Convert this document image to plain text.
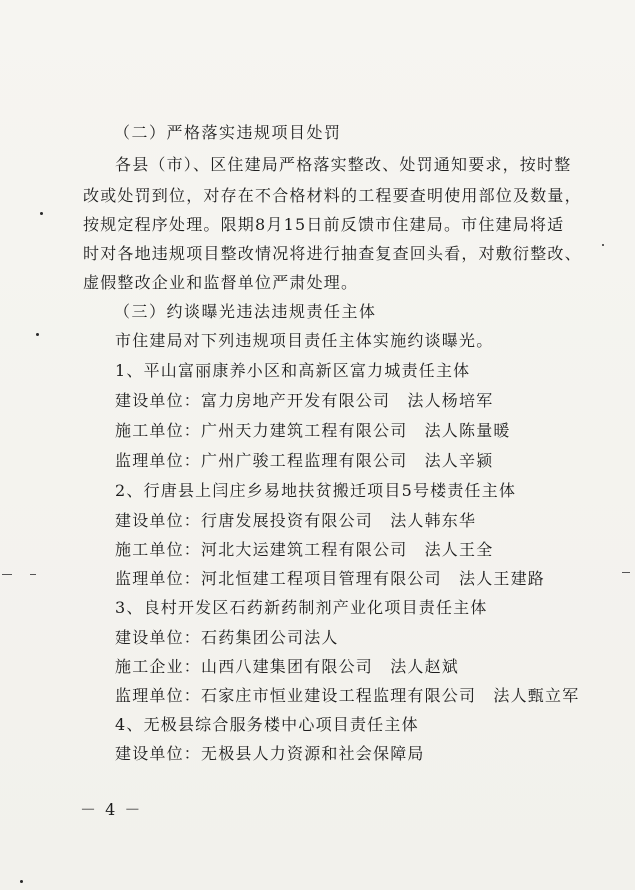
（二）严格落实违规项目处罚
各县（市）、区住建局严格落实整改、处罚通知要求，按时整
改或处罚到位，对存在不合格材料的工程要查明使用部位及数量，
按规定程序处理。限期8月15日前反馈市住建局。市住建局将适
时对各地违规项目整改情况将进行抽查复查回头看，对敷衍整改、
虚假整改企业和监督单位严肃处理。
（三）约谈曝光违法违规责任主体
市住建局对下列违规项目责任主体实施约谈曝光。
1、平山富丽康养小区和高新区富力城责任主体
建设单位：富力房地产开发有限公司　法人杨培军
施工单位：广州天力建筑工程有限公司　法人陈量暖
监理单位：广州广骏工程监理有限公司　法人辛颍
2、行唐县上闫庄乡易地扶贫搬迁项目5号楼责任主体
建设单位：行唐发展投资有限公司　法人韩东华
施工单位：河北大运建筑工程有限公司　法人王全
监理单位：河北恒建工程项目管理有限公司　法人王建路
3、良村开发区石药新药制剂产业化项目责任主体
建设单位：石药集团公司法人
施工企业：山西八建集团有限公司　法人赵斌
监理单位：石家庄市恒业建设工程监理有限公司　法人甄立军
4、无极县综合服务楼中心项目责任主体
建设单位：无极县人力资源和社会保障局
－ 4 －
